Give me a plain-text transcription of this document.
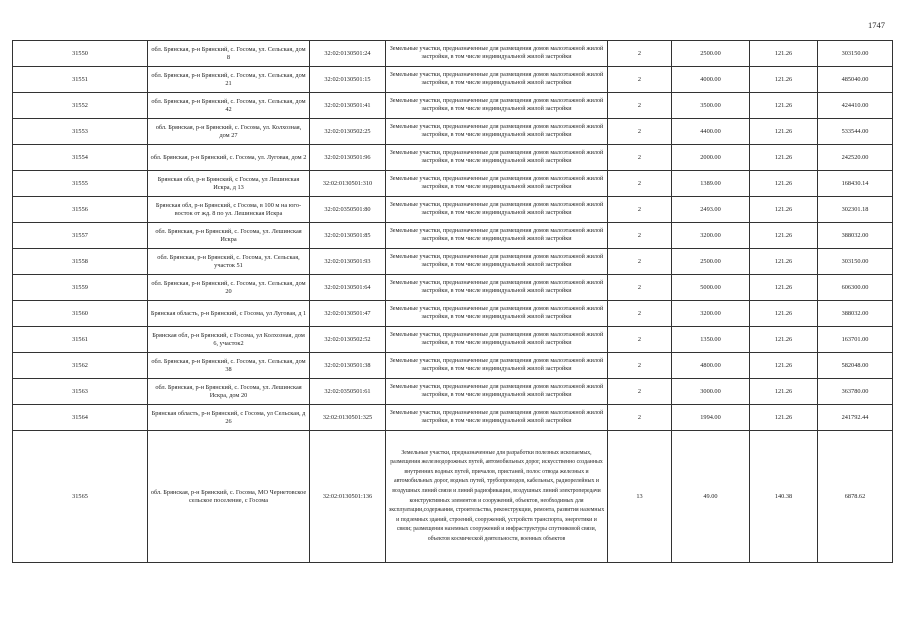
1747
31550	обл. Брянская, р-н Брянский, с. Госома, ул. Сельская, дом 8	32:02:0130501:24	Земельные участки, предназначенные для размещения домов малоэтажной жилой застройки, в том числе индивидуальной жилой застройки	2	2500.00	121.26	303150.00
31551	обл. Брянская, р-н Брянский, с. Госома, ул. Сельская, дом 21	32:02:0130501:15	Земельные участки, предназначенные для размещения домов малоэтажной жилой застройки, в том числе индивидуальной жилой застройки	2	4000.00	121.26	485040.00
31552	обл. Брянская, р-н Брянский, с. Госома, ул. Сельская, дом 42	32:02:0130501:41	Земельные участки, предназначенные для размещения домов малоэтажной жилой застройки, в том числе индивидуальной жилой застройки	2	3500.00	121.26	424410.00
31553	обл. Брянская, р-н Брянский, с. Госома, ул. Колхозная, дом 27	32:02:0130502:25	Земельные участки, предназначенные для размещения домов малоэтажной жилой застройки, в том числе индивидуальной жилой застройки	2	4400.00	121.26	533544.00
31554	обл. Брянская, р-н Брянский, с. Госома, ул. Луговая, дом 2	32:02:0130501:96	Земельные участки, предназначенные для размещения домов малоэтажной жилой застройки, в том числе индивидуальной жилой застройки	2	2000.00	121.26	242520.00
31555	Брянская обл, р-н Брянский, с Госома, ул Лешинская Искра, д 13	32:02:0130501:310	Земельные участки, предназначенные для размещения домов малоэтажной жилой застройки, в том числе индивидуальной жилой застройки	2	1389.00	121.26	168430.14
31556	Брянская обл, р-н Брянский, с Госома, в 100 м на юго-восток от жд. 8 по ул. Лешинская Искра	32:02:0350501:80	Земельные участки, предназначенные для размещения домов малоэтажной жилой застройки, в том числе индивидуальной жилой застройки	2	2493.00	121.26	302301.18
31557	обл. Брянская, р-н Брянский, с. Госома, ул. Лешинская Искра	32:02:0130501:85	Земельные участки, предназначенные для размещения домов малоэтажной жилой застройки, в том числе индивидуальной жилой застройки	2	3200.00	121.26	388032.00
31558	обл. Брянская, р-н Брянский, с. Госома, ул. Сельская, участок 51	32:02:0130501:93	Земельные участки, предназначенные для размещения домов малоэтажной жилой застройки, в том числе индивидуальной жилой застройки	2	2500.00	121.26	303150.00
31559	обл. Брянская, р-н Брянский, с. Госома, ул. Сельская, дом 20	32:02:0130501:64	Земельные участки, предназначенные для размещения домов малоэтажной жилой застройки, в том числе индивидуальной жилой застройки	2	5000.00	121.26	606300.00
31560	Брянская область, р-н Брянский, с Госома, ул Луговая, д 1	32:02:0130501:47	Земельные участки, предназначенные для размещения домов малоэтажной жилой застройки, в том числе индивидуальной жилой застройки	2	3200.00	121.26	388032.00
31561	Брянская обл, р-н Брянский, с Госома, ул Колхозная, дом 6, участок2	32:02:0130502:52	Земельные участки, предназначенные для размещения домов малоэтажной жилой застройки, в том числе индивидуальной жилой застройки	2	1350.00	121.26	163701.00
31562	обл. Брянская, р-н Брянский, с. Госома, ул. Сельская, дом 38	32:02:0130501:38	Земельные участки, предназначенные для размещения домов малоэтажной жилой застройки, в том числе индивидуальной жилой застройки	2	4800.00	121.26	582048.00
31563	обл. Брянская, р-н Брянский, с. Госома, ул. Лешинская Искра, дом 20	32:02:0350501:61	Земельные участки, предназначенные для размещения домов малоэтажной жилой застройки, в том числе индивидуальной жилой застройки	2	3000.00	121.26	363780.00
31564	Брянская область, р-н Брянский, с Госома, ул Сельская, д 26	32:02:0130501:325	Земельные участки, предназначенные для размещения домов малоэтажной жилой застройки, в том числе индивидуальной жилой застройки	2	1994.00	121.26	241792.44
31565	обл. Брянская, р-н Брянский, с. Госома, МО Чернетовское сельское поселение, с Госома	32:02:0130501:136	Земельные участки, предназначенные для разработки полезных ископаемых, размещения железнодорожных путей, автомобильных дорог, искусственно созданных внутренних водных путей, причалов, пристаней, полос отвода железных и автомобильных дорог, водных путей, трубопроводов, кабельных, радиорелейных и воздушных линий связи и линий радиофикации, воздушных линий электропередачи конструктивных элементов и сооружений, объектов, необходимых для эксплуатации,содержания, строительства, реконструкции, ремонта, развития наземных и подземных зданий, строений, сооружений, устройств транспорта, энергетики и связи; размещения наземных сооружений и инфраструктуры спутниковой связи, объектов космической деятельности, военных объектов	13	49.00	140.38	6878.62
